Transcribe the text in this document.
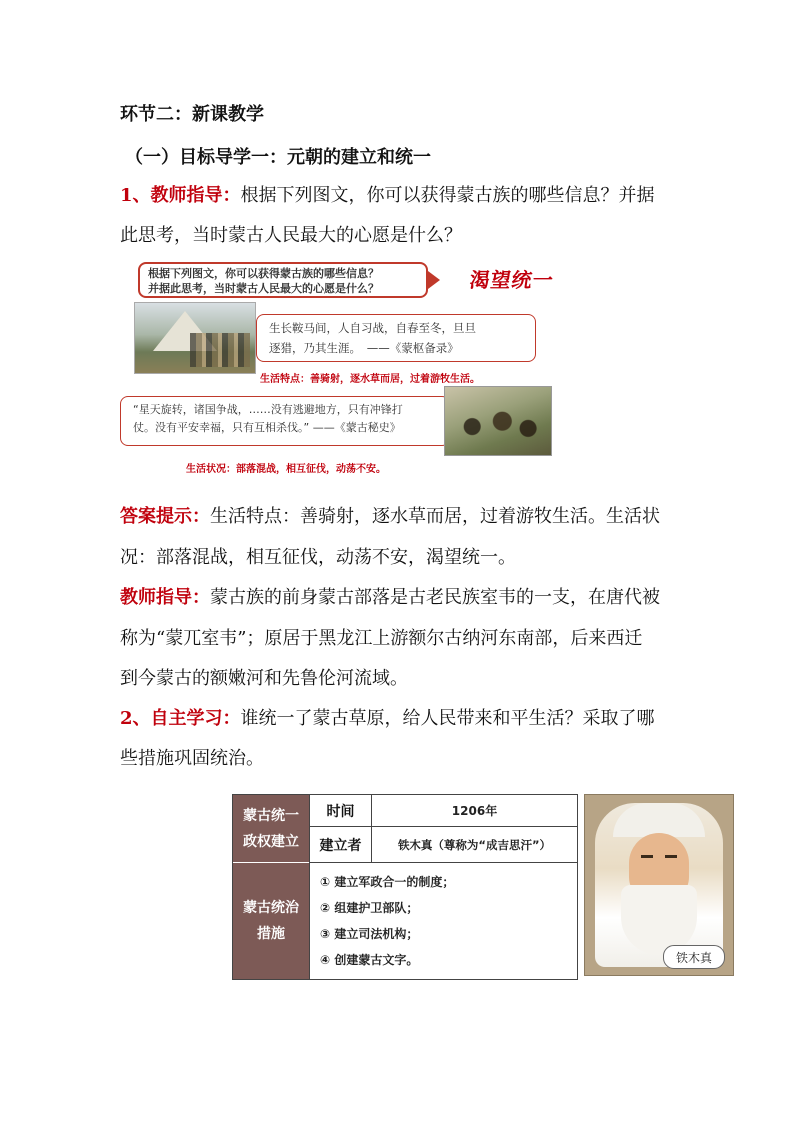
环节二：新课教学
（一）目标导学一：元朝的建立和统一
1、教师指导：根据下列图文，你可以获得蒙古族的哪些信息？并据
此思考，当时蒙古人民最大的心愿是什么？
根据下列图文，你可以获得蒙古族的哪些信息？
并据此思考，当时蒙古人民最大的心愿是什么？	渴望统一
生长鞍马间，人自习战，自春至冬，旦旦
逐猎，乃其生涯。　——《蒙枢备录》
生活特点：善骑射，逐水草而居，过着游牧生活。
“星天旋转，诸国争战，……没有逃避地方，只有冲锋打
仗。没有平安幸福，只有互相杀伐。” ——《蒙古秘史》
生活状况：部落混战，相互征伐，动荡不安。
答案提示：生活特点：善骑射，逐水草而居，过着游牧生活。生活状
况：部落混战，相互征伐，动荡不安，渴望统一。
教师指导：蒙古族的前身蒙古部落是古老民族室韦的一支，在唐代被
称为“蒙兀室韦”；原居于黑龙江上游额尔古纳河东南部，后来西迁
到今蒙古的额嫩河和先鲁伦河流域。
2、自主学习：谁统一了蒙古草原，给人民带来和平生活？采取了哪
些措施巩固统治。
蒙古统一
政权建立
时间	1206年
建立者	铁木真（尊称为“成吉思汗”）
蒙古统治
措施
① 建立军政合一的制度；
② 组建护卫部队；
③ 建立司法机构；
④ 创建蒙古文字。	铁木真
